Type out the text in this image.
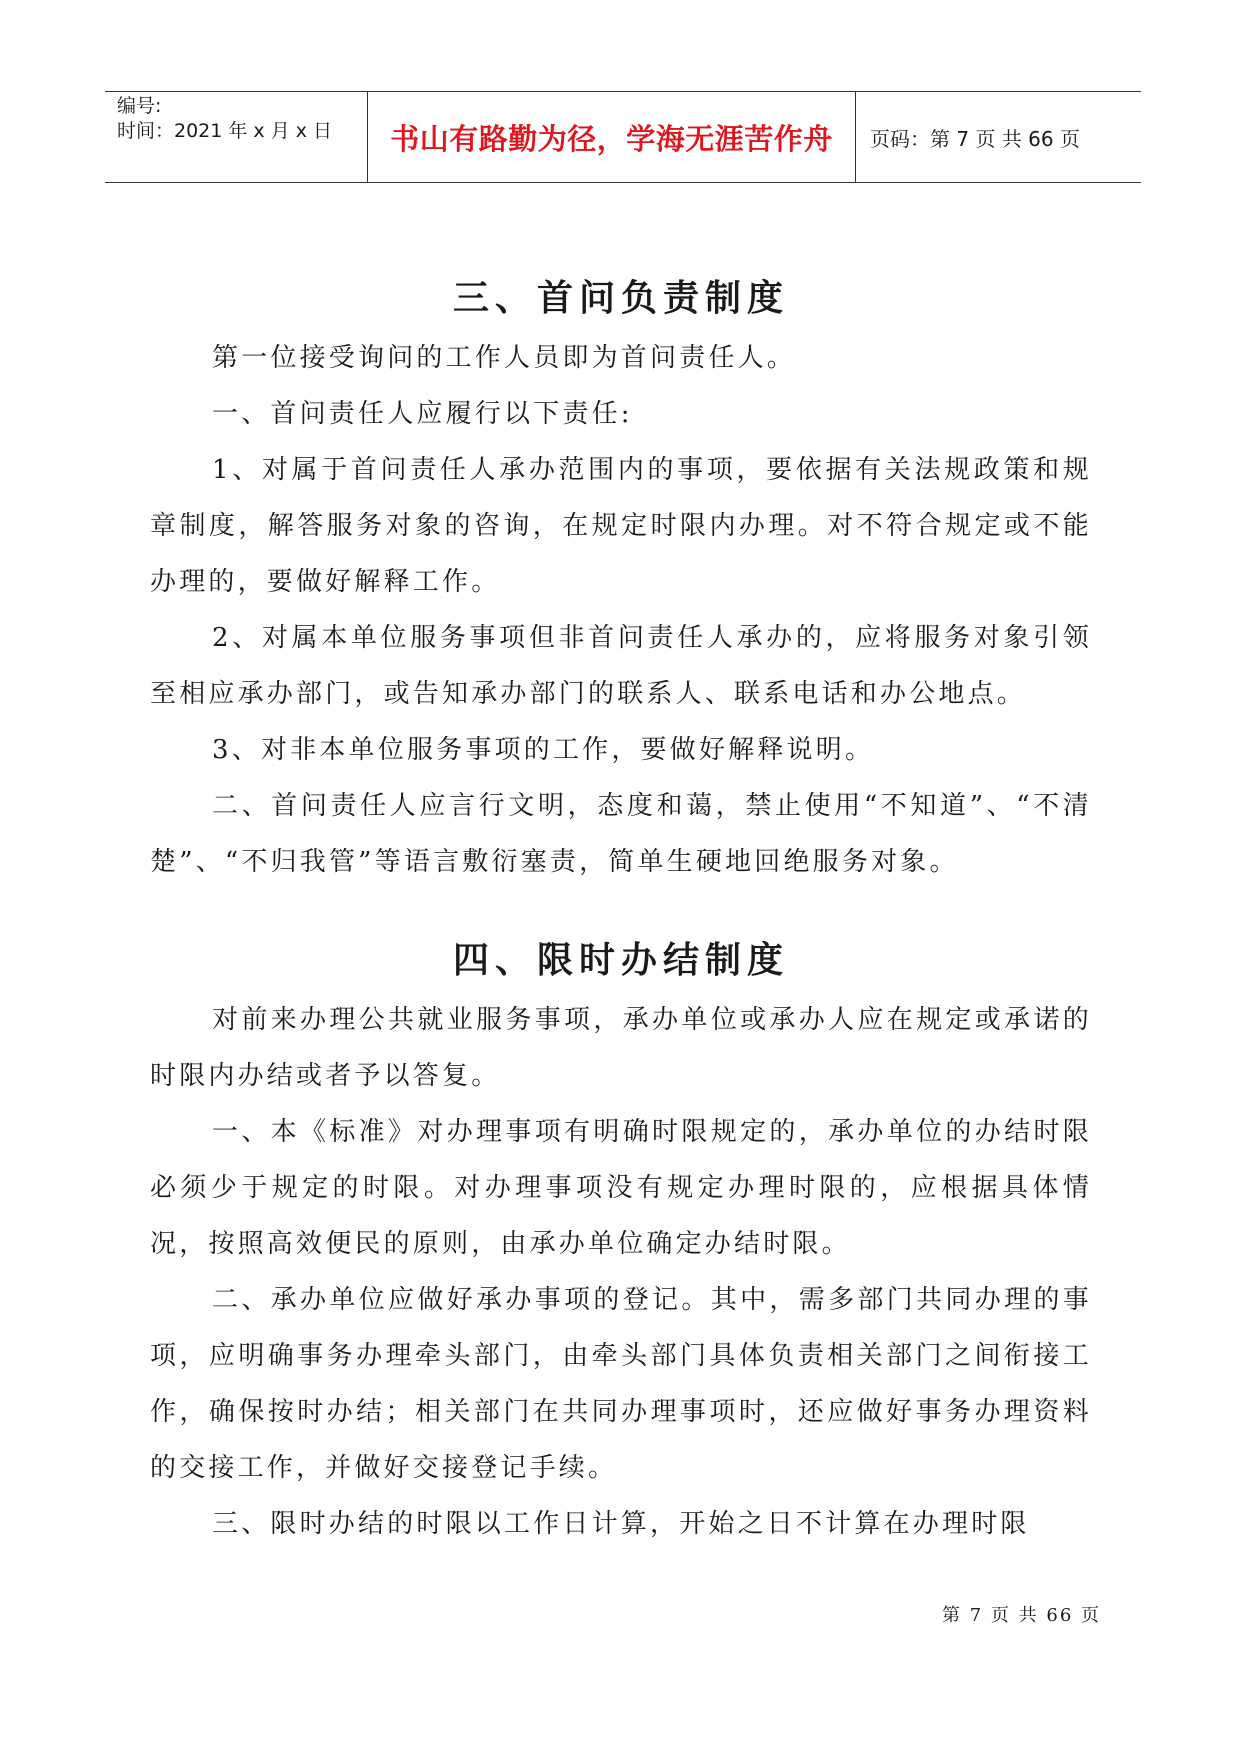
编号:
时间：2021 年 x 月 x 日	书山有路勤为径，学海无涯苦作舟 页码：第 7 页 共 66 页
三、首问负责制度

第一位接受询问的工作人员即为首问责任人。

一、首问责任人应履行以下责任:

1、对属于首问责任人承办范围内的事项，要依据有关法规政策和规章制度，解答服务对象的咨询，在规定时限内办理。对不符合规定或不能办理的，要做好解释工作。

2、对属本单位服务事项但非首问责任人承办的，应将服务对象引领至相应承办部门，或告知承办部门的联系人、联系电话和办公地点。

3、对非本单位服务事项的工作，要做好解释说明。

二、首问责任人应言行文明，态度和蔼，禁止使用“不知道”、“不清楚”、“不归我管”等语言敷衍塞责，简单生硬地回绝服务对象。

四、限时办结制度

对前来办理公共就业服务事项，承办单位或承办人应在规定或承诺的时限内办结或者予以答复。

一、本《标准》对办理事项有明确时限规定的，承办单位的办结时限必须少于规定的时限。对办理事项没有规定办理时限的，应根据具体情况，按照高效便民的原则，由承办单位确定办结时限。

二、承办单位应做好承办事项的登记。其中，需多部门共同办理的事项，应明确事务办理牵头部门，由牵头部门具体负责相关部门之间衔接工作，确保按时办结；相关部门在共同办理事项时，还应做好事务办理资料的交接工作，并做好交接登记手续。

三、限时办结的时限以工作日计算，开始之日不计算在办理时限

第 7 页 共 66 页
